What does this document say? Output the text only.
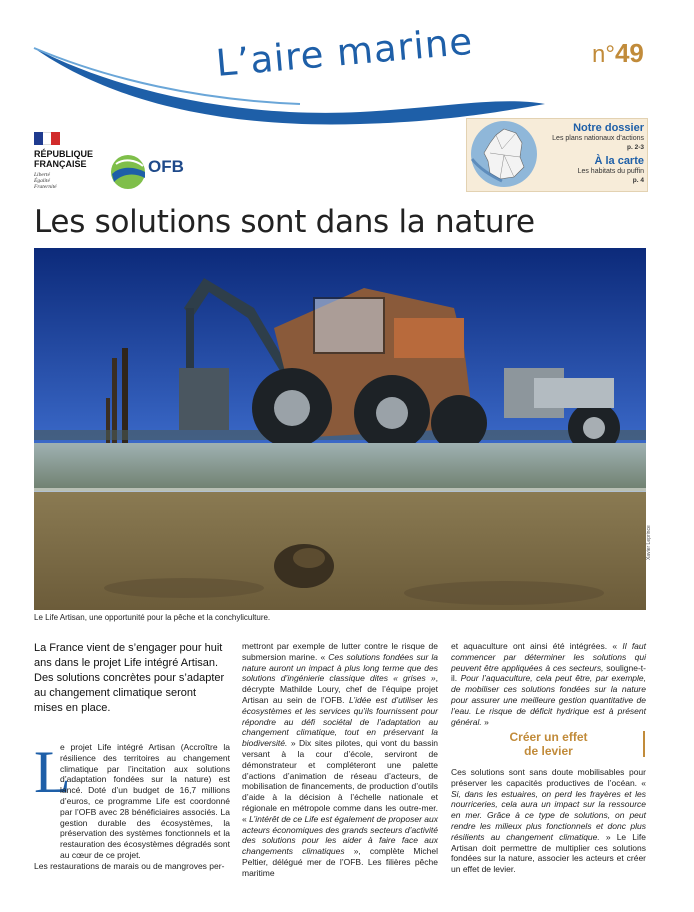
L’aire marine	n°49
RÉPUBLIQUE
FRANÇAISE
Liberté
Égalité
Fraternité
OFB
Notre dossier
Les plans nationaux d’actions
p. 2-3
À la carte
Les habitats du puffin
p. 4
Les solutions sont dans la nature
Xavier Leprince
Le Life Artisan, une opportunité pour la pêche et la conchyliculture.
La France vient de s’engager pour huit ans dans le projet Life intégré Artisan. Des solutions concrètes pour s’adapter au changement climatique seront mises en place.
L

e projet Life intégré Artisan (Accroître la résilience des territoires au changement climatique par l’incitation aux solutions d’adaptation fondées sur la nature) est lancé. Doté d’un budget de 16,7 millions d’euros, ce programme Life est coordonné par l’OFB avec 28 bénéficiaires associés. La gestion durable des écosystèmes, la préservation des systèmes fonctionnels et la restauration des écosystèmes dégradés sont au cœur de ce projet.

Les restaurations de marais ou de mangroves per-

mettront par exemple de lutter contre le risque de submersion marine. « Ces solutions fondées sur la nature auront un impact à plus long terme que des solutions d’ingénierie classique dites « grises », décrypte Mathilde Loury, chef de l’équipe projet Artisan au sein de l’OFB. L’idée est d’utiliser les écosystèmes et les services qu’ils fournissent pour répondre au défi sociétal de l’adaptation au changement climatique, tout en préservant la biodiversité. » Dix sites pilotes, qui vont du bassin versant à la cour d’école, serviront de démonstrateur et compléteront une palette d’actions d’animation de réseau d’acteurs, de mobilisation de financements, de production d’outils d’aide à la décision à l’échelle nationale et régionale en métropole comme dans les outre-mer. « L’intérêt de ce Life est également de proposer aux acteurs économiques des grands secteurs d’activité des solutions pour les aider à faire face aux changements climatiques », complète Michel Peltier, délégué mer de l’OFB. Les filières pêche maritime

et aquaculture ont ainsi été intégrées. « Il faut commencer par déterminer les solutions qui peuvent être appliquées à ces secteurs, souligne-t-il. Pour l’aquaculture, cela peut être, par exemple, de mobiliser ces solutions fondées sur la nature pour assurer une meilleure gestion quantitative de l’eau. Le risque de déficit hydrique est à présent général. »

Créer un effet
de levier

Ces solutions sont sans doute mobilisables pour préserver les capacités productives de l’océan. « Si, dans les estuaires, on perd les frayères et les nourriceries, cela aura un impact sur la ressource en mer. Grâce à ce type de solutions, on peut rendre les milieux plus fonctionnels et donc plus résilients au changement climatique. » Le Life Artisan doit permettre de multiplier ces solutions fondées sur la nature, associer les acteurs et créer un effet de levier.
